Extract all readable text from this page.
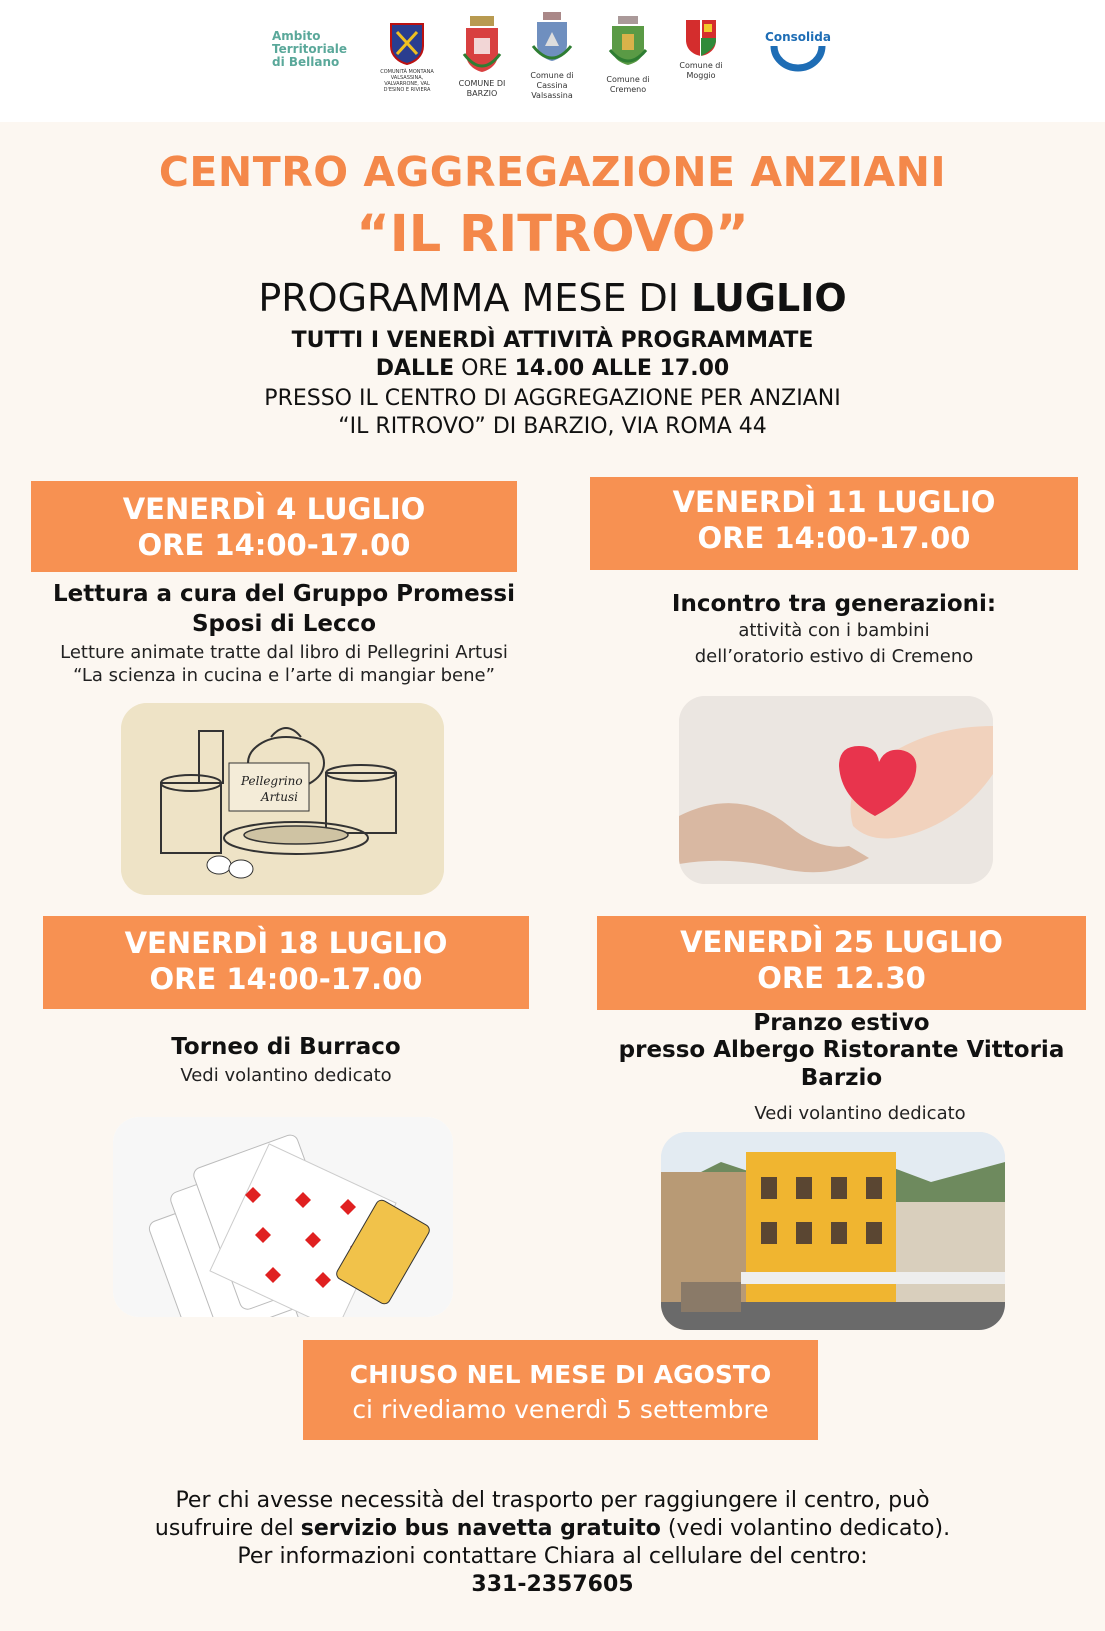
Ambito Territoriale di Bellano
COMUNITÀ MONTANA VALSASSINA, VALVARRONE, VAL D'ESINO E RIVIERA
COMUNE DI BARZIO
Comune di Cassina Valsassina
Comune di Cremeno
Comune di Moggio
Consolida
CENTRO AGGREGAZIONE ANZIANI
“IL RITROVO”
PROGRAMMA MESE DI LUGLIO
TUTTI I VENERDÌ ATTIVITÀ PROGRAMMATE
DALLE ORE 14.00 ALLE 17.00
PRESSO IL CENTRO DI AGGREGAZIONE PER ANZIANI
“IL RITROVO” DI BARZIO, VIA ROMA 44
VENERDÌ 4 LUGLIO
ORE 14:00-17.00
Lettura a cura del Gruppo Promessi
Sposi di Lecco
Letture animate tratte dal libro di Pellegrini Artusi
“La scienza in cucina e l’arte di mangiar bene”
Pellegrino
Artusi
VENERDÌ 11 LUGLIO
ORE 14:00-17.00
Incontro tra generazioni:
attività con i bambini
dell’oratorio estivo di Cremeno
VENERDÌ 18 LUGLIO
ORE 14:00-17.00
Torneo di Burraco
Vedi volantino dedicato
VENERDÌ 25 LUGLIO
ORE 12.30
Pranzo estivo
presso Albergo Ristorante Vittoria
Barzio
Vedi volantino dedicato
CHIUSO NEL MESE DI AGOSTO
ci rivediamo venerdì 5 settembre
Per chi avesse necessità del trasporto per raggiungere il centro, può
usufruire del servizio bus navetta gratuito (vedi volantino dedicato).
Per informazioni contattare Chiara al cellulare del centro:
331-2357605
